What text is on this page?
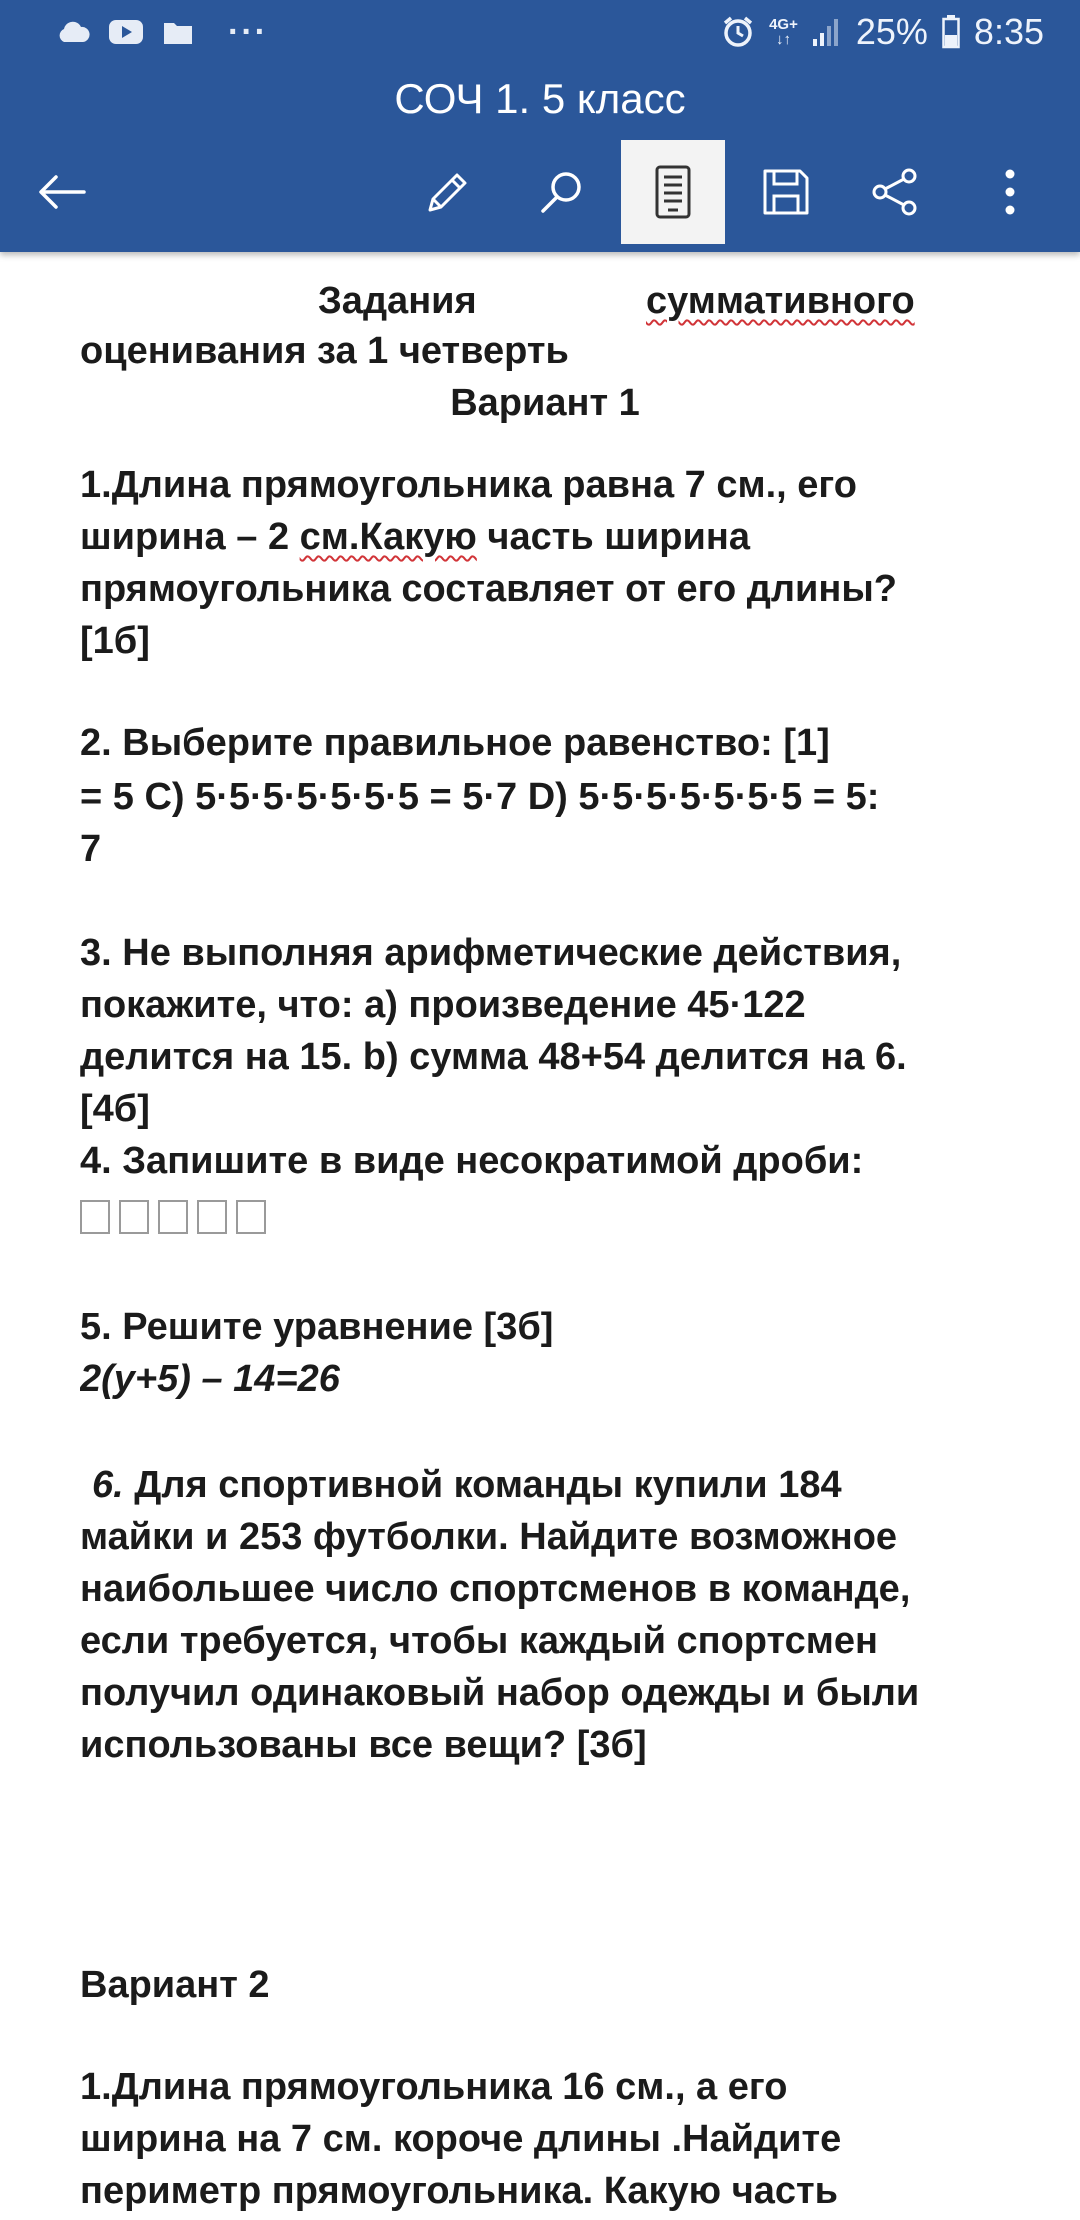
···	4G+
↓↑ 25% 8:35
СОЧ 1. 5 класс
Задания	суммативного
оценивания за 1 четверть
Вариант 1
1.Длина прямоугольника равна 7 см., его
ширина – 2 см.Какую часть ширина
прямоугольника составляет от его длины?
[1б]
2. Выберите правильное равенство: [1]
= 5 C) 5·5·5·5·5·5·5 = 5·7 D) 5·5·5·5·5·5·5 = 5:
7
3. Не выполняя арифметические действия,
покажите, что: а) произведение 45·122
делится на 15. b) сумма 48+54 делится на 6.
[4б]
4. Запишите в виде несократимой дроби:
5. Решите уравнение [3б]
2(у+5) – 14=26
6. Для спортивной команды купили 184
майки и 253 футболки. Найдите возможное
наибольшее число спортсменов в команде,
если требуется, чтобы каждый спортсмен
получил одинаковый набор одежды и были
использованы все вещи? [3б]
Вариант 2
1.Длина прямоугольника 16 см., а его
ширина на 7 см. короче длины .Найдите
периметр прямоугольника. Какую часть
